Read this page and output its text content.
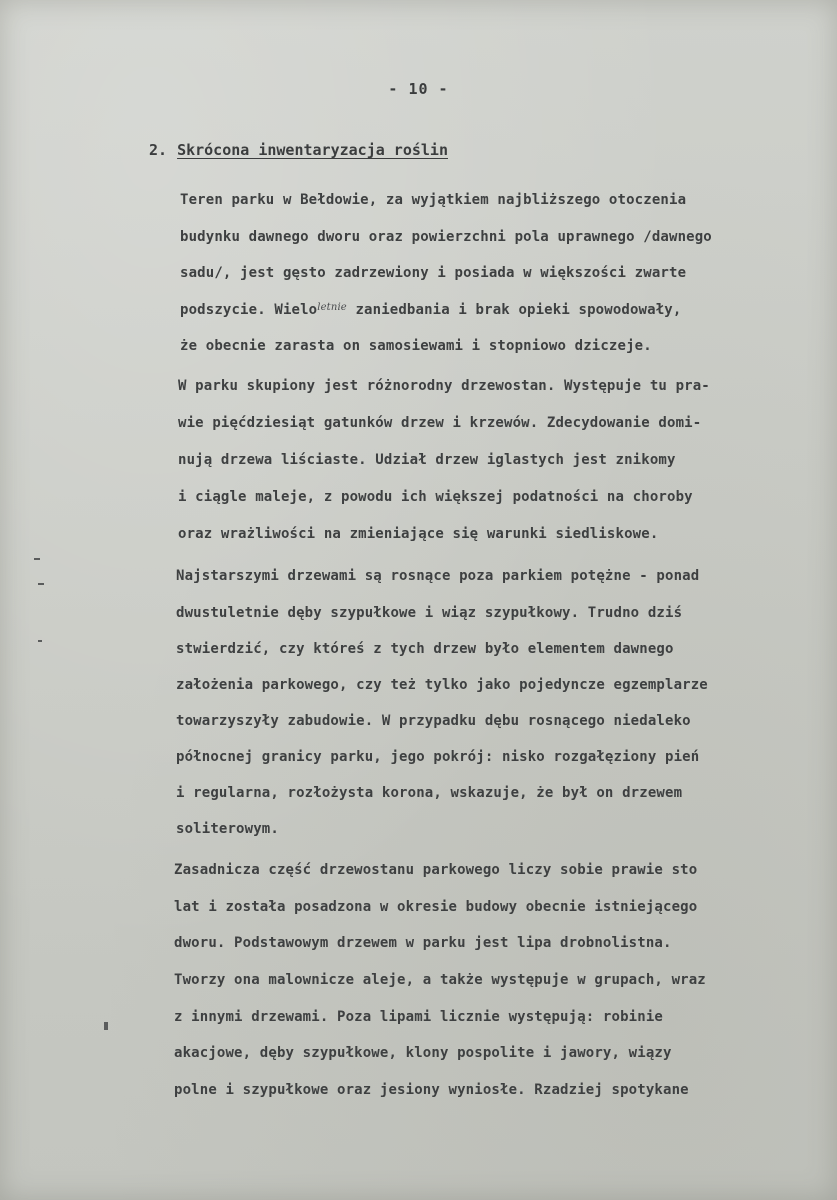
- 10 -
2. Skrócona inwentaryzacja roślin
Teren parku w Bełdowie, za wyjątkiem najbliższego otoczenia
budynku dawnego dworu oraz powierzchni pola uprawnego /dawnego
sadu/, jest gęsto zadrzewiony i posiada w większości zwarte
podszycie. Wielo$^{letnie}$ zaniedbania i brak opieki spowodowały,
że obecnie zarasta on samosiewami i stopniowo dziczeje.
W parku skupiony jest różnorodny drzewostan. Występuje tu pra-
wie pięćdziesiąt gatunków drzew i krzewów. Zdecydowanie domi-
nują drzewa liściaste. Udział drzew iglastych jest znikomy
i ciągle maleje, z powodu ich większej podatności na choroby
oraz wrażliwości na zmieniające się warunki siedliskowe.
Najstarszymi drzewami są rosnące poza parkiem potężne - ponad
dwustuletnie dęby szypułkowe i wiąz szypułkowy. Trudno dziś
stwierdzić, czy któreś z tych drzew było elementem dawnego
założenia parkowego, czy też tylko jako pojedyncze egzemplarze
towarzyszyły zabudowie. W przypadku dębu rosnącego niedaleko
północnej granicy parku, jego pokrój: nisko rozgałęziony pień
i regularna, rozłożysta korona, wskazuje, że był on drzewem
soliterowym.
Zasadnicza część drzewostanu parkowego liczy sobie prawie sto
lat i została posadzona w okresie budowy obecnie istniejącego
dworu. Podstawowym drzewem w parku jest lipa drobnolistna.
Tworzy ona malownicze aleje, a także występuje w grupach, wraz
z innymi drzewami. Poza lipami licznie występują: robinie
akacjowe, dęby szypułkowe, klony pospolite i jawory, wiązy
polne i szypułkowe oraz jesiony wyniosłe. Rzadziej spotykane
